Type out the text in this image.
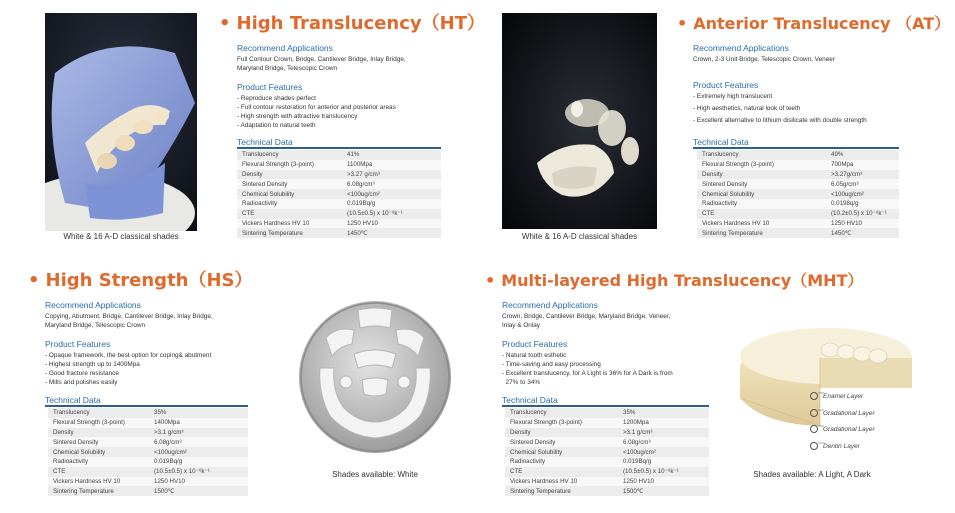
White & 16 A-D classical shades
• High Translucency（HT）
Recommend Applications
Full Contour Crown, Bridge, Cantilever Bridge, Inlay Bridge,
Maryland Bridge, Telescopic Crown
Product Features
- Reproduce shades perfect
- Full contour restoration for anterior and posterior areas
- High strength with attractive translucency
- Adaptation to natural teeth
Technical Data
Translucency	41%
Flexural Strength (3-point)	1100Mpa
Density	>3.27 g/cm³
Sintered Density	6.08g/cm³
Chemical Solubility	<100ug/cm²
Radioactivity	0.019Bq/g
CTE	(10.5±0.5) x 10⁻⁶k⁻¹
Vickers Hardness HV 10	1250 HV10
Sintering Temperature	1450℃	White & 16 A-D classical shades
• Anterior Translucency （AT）
Recommend Applications
Crown, 2-3 Unit Bridge, Telescopic Crown, Veneer
Product Features
- Extremely high translucent
- High aesthetics, natural look of teeth
- Excellent alternative to lithium disilicate with double strength
Technical Data
Translucency	49%
Flexural Strength (3-point)	700Mpa
Density	>3.27g/cm³
Sintered Density	6.05g/cm³
Chemical Solubility	<100ug/cm²
Radioactivity	0.0198q/g
CTE	(10.2±0.5) x 10⁻⁶k⁻¹
Vickers Hardness HV 10	1250 HV10
Sintering Temperature	1450℃
• High Strength（HS）
Recommend Applications
Copying, Abutment, Bridge, Cantilever Bridge, Inlay Bridge,
Maryland Bridge, Telescopic Crown
Product Features
- Opaque framework, the best option for coping& abutment
- Highest strength up to 1400Mpa
- Good fracture resistance
- Mills and polishes easily
Technical Data
Translucency	35%
Flexural Strength (3-point)	1400Mpa
Density	>3.1 g/cm³
Sintered Density	6.08g/cm³
Chemical Solubility	<100ug/cm²
Radioactivity	0.019Bq/g
CTE	(10.5±0.5) x 10⁻⁶k⁻¹
Vickers Hardness HV 10	1250 HV10
Sintering Temperature	1500℃
Shades available: White
• Multi-layered High Translucency（MHT）
Recommend Applications
Crown, Bridge, Cantilever Bridge, Maryland Bridge, Veneer,
Inlay & Onlay
Product Features
- Natural tooth esthetic
- Time-saving and easy processing
- Excellent translucency, for A Light is 36% for A Dark is from
27% to 34%
Technical Data
Translucency	35%
Flexural Strength (3-point)	1200Mpa
Density	>3.1 g/cm³
Sintered Density	6.08g/cm³
Chemical Solubility	<100ug/cm²
Radioactivity	0.019Bq/g
CTE	(10.5±0.5) x 10⁻⁶k⁻¹
Vickers Hardness HV 10	1250 HV10
Sintering Temperature	1500℃
Enamel Layer
Gradational Layer
Gradational Layer
Dentin Layer
Shades available: A Light, A Dark
